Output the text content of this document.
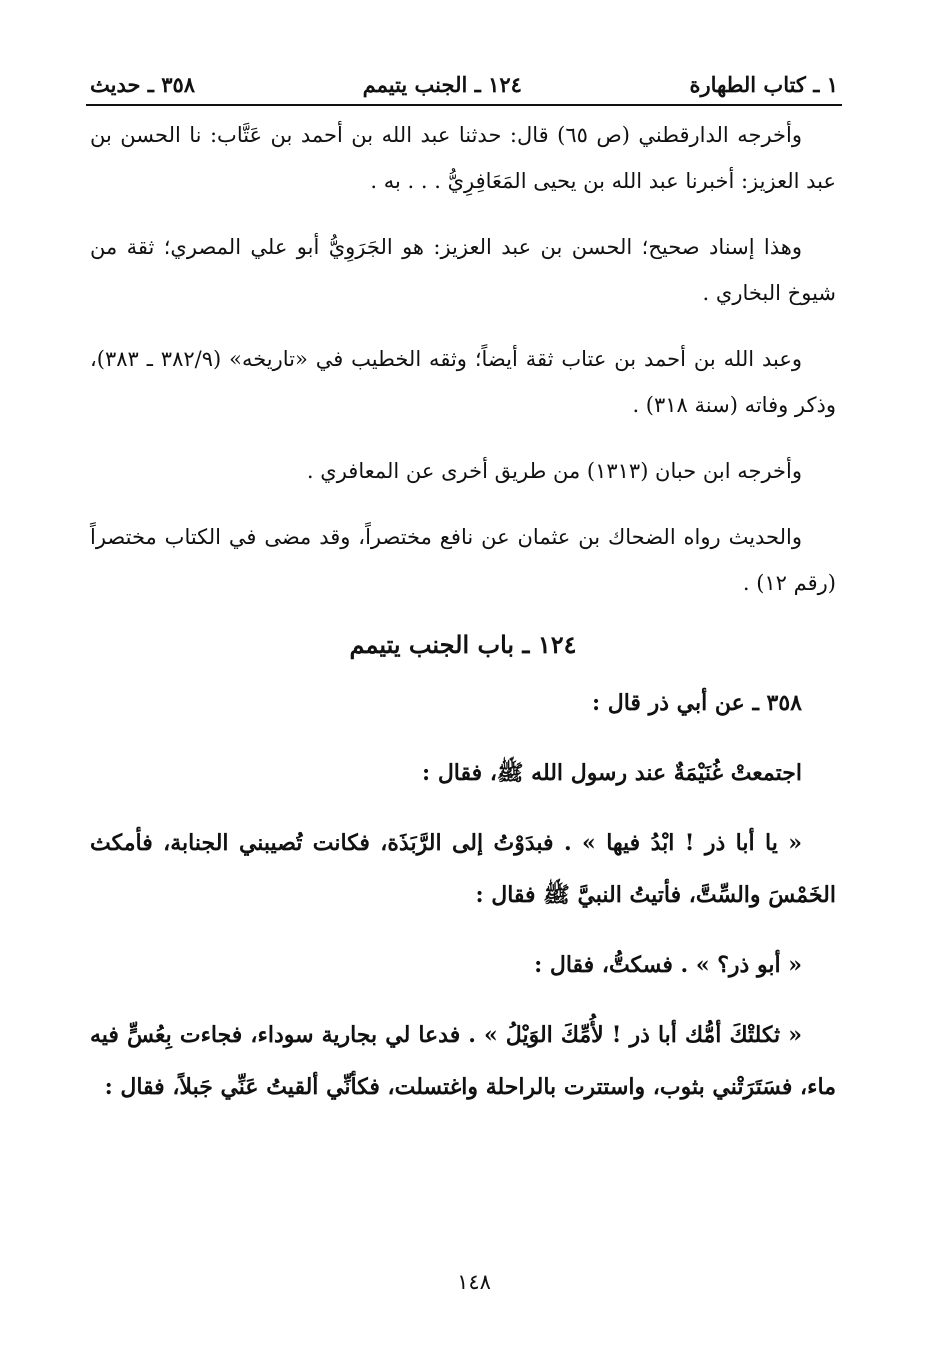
١ ـ كتاب الطهارة
١٢٤ ـ الجنب يتيمم
٣٥٨ ـ حديث

وأخرجه الدارقطني (ص ٦٥) قال: حدثنا عبد الله بن أحمد بن عَتَّاب: نا الحسن بن عبد العزيز: أخبرنا عبد الله بن يحيى المَعَافِرِيُّ . . . به .

وهذا إسناد صحيح؛ الحسن بن عبد العزيز: هو الجَرَوِيُّ أبو علي المصري؛ ثقة من شيوخ البخاري .

وعبد الله بن أحمد بن عتاب ثقة أيضاً؛ وثقه الخطيب في «تاريخه» (٣٨٢/٩ ـ ٣٨٣)، وذكر وفاته (سنة ٣١٨) .

وأخرجه ابن حبان (١٣١٣) من طريق أخرى عن المعافري .

والحديث رواه الضحاك بن عثمان عن نافع مختصراً، وقد مضى في الكتاب مختصراً (رقم ١٢) .

١٢٤ ـ باب الجنب يتيمم

٣٥٨ ـ عن أبي ذر قال :

اجتمعتْ غُنَيْمَةٌ عند رسول الله ﷺ، فقال :

« يا أبا ذر ! ابْدُ فيها » . فبدَوْتُ إلى الرَّبَذَة، فكانت تُصيبني الجنابة، فأمكث الخَمْسَ والسِّتَّ، فأتيتُ النبيَّ ﷺ فقال :

« أبو ذر؟ » . فسكتُّ، فقال :

« ثكلتْكَ أمُّك أبا ذر ! لأُمِّكَ الوَيْلُ » . فدعا لي بجارية سوداء، فجاءت بِعُسٍّ فيه ماء، فسَتَرَتْني بثوب، واستترت بالراحلة واغتسلت، فكأنِّي ألقيتُ عَنِّي جَبلاً، فقال :

١٤٨
